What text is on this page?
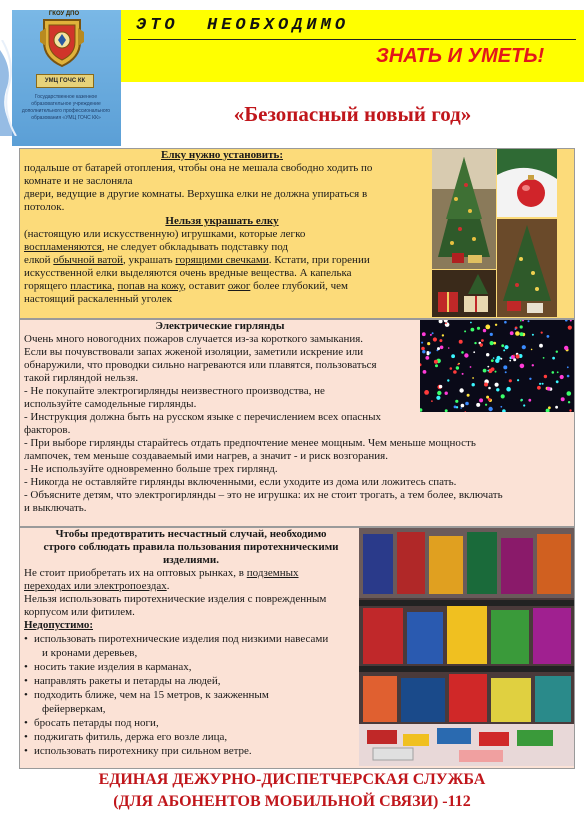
ГКОУ ДПО
УМЦ ГОЧС КК
Государственное казенное образовательное учреждение дополнительного профессионального образования «УМЦ ГОЧС КК»
ЭТО  НЕОБХОДИМО
ЗНАТЬ И УМЕТЬ!
«Безопасный новый год»
Елку нужно установить:
подальше от батарей отопления, чтобы она не мешала свободно ходить по
комнате и не заслоняла
двери, ведущие в другие комнаты. Верхушка елки не должна упираться в
потолок.
Нельзя украшать елку
(настоящую или искусственную) игрушками, которые легко
воспламеняются, не следует обкладывать подставку под
елкой обычной ватой, украшать горящими свечками. Кстати, при горении
искусственной елки выделяются очень вредные вещества. А капелька
горящего пластика, попав на кожу, оставит ожог более глубокий, чем
настоящий раскаленный уголек
Электрические гирлянды
Очень много новогодних пожаров случается из-за короткого замыкания.
Если вы почувствовали запах жженой изоляции, заметили искрение или
обнаружили, что проводки сильно нагреваются или плавятся, пользоваться
такой гирляндой нельзя.
- Не покупайте электрогирлянды неизвестного производства, не
используйте самодельные гирлянды.
- Инструкция должна быть на русском языке с перечислением всех опасных
факторов.
- При выборе гирлянды старайтесь отдать предпочтение менее мощным. Чем меньше мощность
лампочек, тем меньше создаваемый ими нагрев, а значит - и риск возгорания.
- Не используйте одновременно больше трех гирлянд.
- Никогда не оставляйте гирлянды включенными, если уходите из дома или ложитесь спать.
- Объясните детям, что электрогирлянды – это не игрушка: их не стоит трогать, а тем более, включать
и выключать.
Чтобы предотвратить несчастный случай, необходимо
строго соблюдать правила пользования пиротехническими
изделиями.
Не стоит приобретать их на оптовых рынках, в подземных
переходах или электропоездах.
Нельзя использовать пиротехнические изделия с поврежденным
корпусом или фитилем.
Недопустимо:
• использовать пиротехнические изделия под низкими навесами
и кронами деревьев,
• носить такие изделия в карманах,
• направлять ракеты и петарды на людей,
• подходить ближе, чем на 15 метров, к зажженным
фейерверкам,
• бросать петарды под ноги,
• поджигать фитиль, держа его возле лица,
• использовать пиротехнику при сильном ветре.
ЕДИНАЯ ДЕЖУРНО-ДИСПЕТЧЕРСКАЯ СЛУЖБА
(ДЛЯ АБОНЕНТОВ МОБИЛЬНОЙ СВЯЗИ) -112
